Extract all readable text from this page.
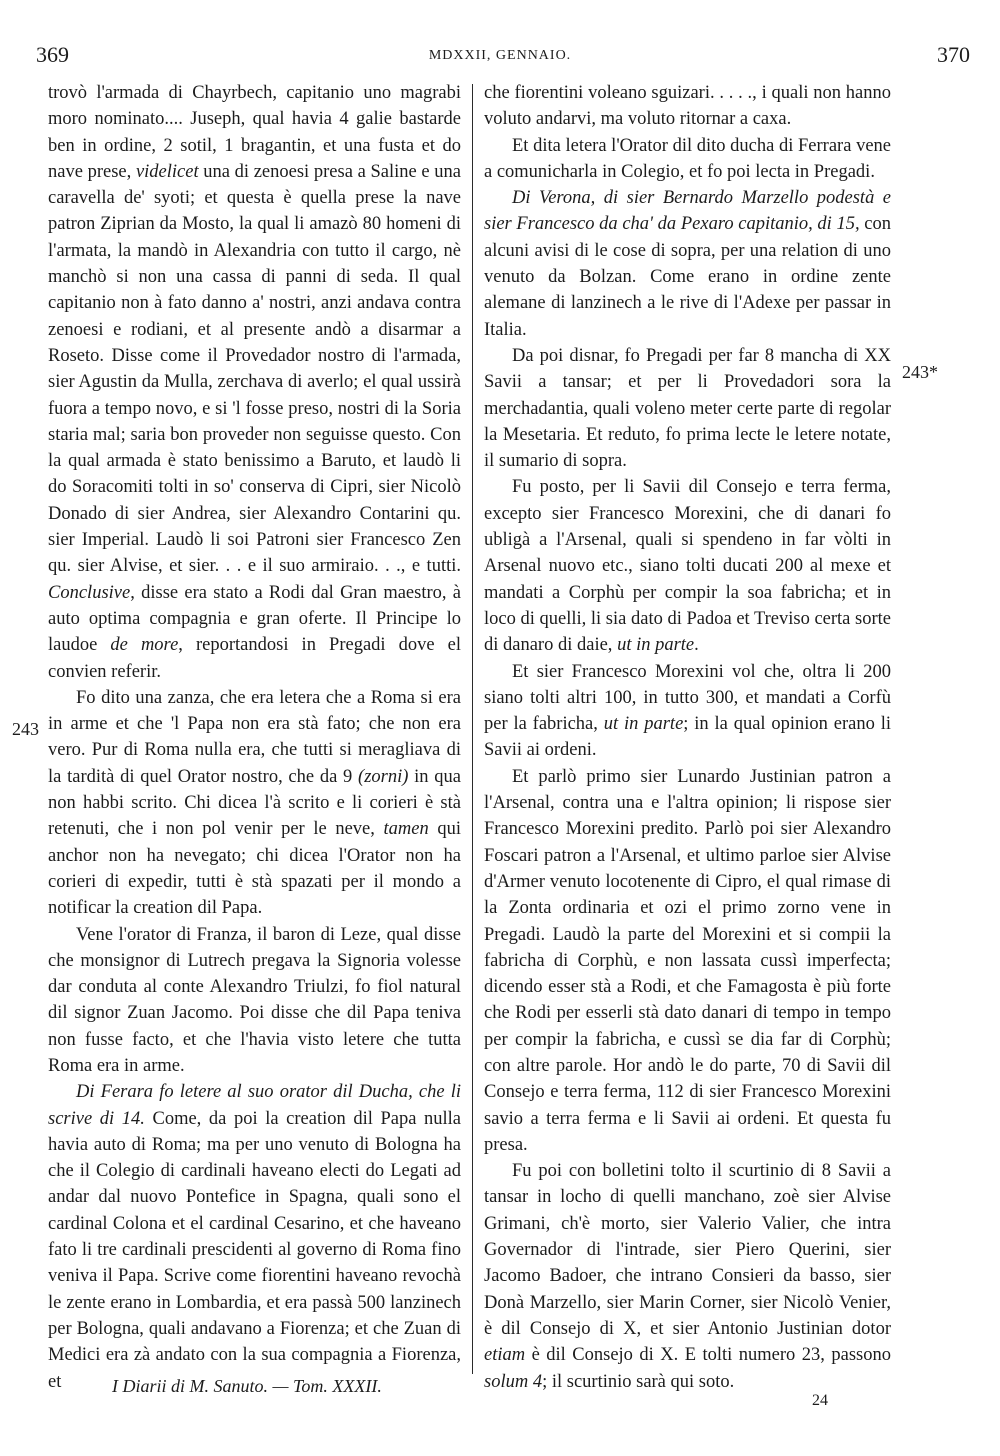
369	MDXXII, GENNAIO.	370
243
243*

trovò l'armada di Chayrbech, capitanio uno magrabi moro nominato.... Juseph, qual havia 4 galie bastarde ben in ordine, 2 sotil, 1 bragantin, et una fusta et do nave prese, videlicet una di zenoesi presa a Saline e una caravella de' syoti; et questa è quella prese la nave patron Ziprian da Mosto, la qual li amazò 80 homeni di l'armata, la mandò in Alexandria con tutto il cargo, nè manchò si non una cassa di panni di seda. Il qual capitanio non à fato danno a' nostri, anzi andava contra zenoesi e rodiani, et al presente andò a disarmar a Roseto. Disse come il Provedador nostro di l'armada, sier Agustin da Mulla, zerchava di averlo; el qual ussirà fuora a tempo novo, e si 'l fosse preso, nostri di la Soria staria mal; saria bon proveder non seguisse questo. Con la qual armada è stato benissimo a Baruto, et laudò li do Soracomiti tolti in so' conserva di Cipri, sier Nicolò Donado di sier Andrea, sier Alexandro Contarini qu. sier Imperial. Laudò li soi Patroni sier Francesco Zen qu. sier Alvise, et sier. . . e il suo armiraio. . ., e tutti. Conclusive, disse era stato a Rodi dal Gran maestro, à auto optima compagnia e gran oferte. Il Principe lo laudoe de more, reportandosi in Pregadi dove el convien referir.

Fo dito una zanza, che era letera che a Roma si era in arme et che 'l Papa non era stà fato; che non era vero. Pur di Roma nulla era, che tutti si meragliava di la tardità di quel Orator nostro, che da 9 (zorni) in qua non habbi scrito. Chi dicea l'à scrito e li corieri è stà retenuti, che i non pol venir per le neve, tamen qui anchor non ha nevegato; chi dicea l'Orator non ha corieri di expedir, tutti è stà spazati per il mondo a notificar la creation dil Papa.

Vene l'orator di Franza, il baron di Leze, qual disse che monsignor di Lutrech pregava la Signoria volesse dar conduta al conte Alexandro Triulzi, fo fiol natural dil signor Zuan Jacomo. Poi disse che dil Papa teniva non fusse facto, et che l'havia visto letere che tutta Roma era in arme.

Di Ferara fo letere al suo orator dil Ducha, che li scrive di 14. Come, da poi la creation dil Papa nulla havia auto di Roma; ma per uno venuto di Bologna ha che il Colegio di cardinali haveano electi do Legati ad andar dal nuovo Pontefice in Spagna, quali sono el cardinal Colona et el cardinal Cesarino, et che haveano fato li tre cardinali prescidenti al governo di Roma fino veniva il Papa. Scrive come fiorentini haveano revochà le zente erano in Lombardia, et era passà 500 lanzinech per Bologna, quali andavano a Fiorenza; et che Zuan di Medici era zà andato con la sua compagnia a Fiorenza, et

che fiorentini voleano sguizari. . . . ., i quali non hanno voluto andarvi, ma voluto ritornar a caxa.

Et dita letera l'Orator dil dito ducha di Ferrara vene a comunicharla in Colegio, et fo poi lecta in Pregadi.

Di Verona, di sier Bernardo Marzello podestà e sier Francesco da cha' da Pexaro capitanio, di 15, con alcuni avisi di le cose di sopra, per una relation di uno venuto da Bolzan. Come erano in ordine zente alemane di lanzinech a le rive di l'Adexe per passar in Italia.

Da poi disnar, fo Pregadi per far 8 mancha di XX Savii a tansar; et per li Provedadori sora la merchadantia, quali voleno meter certe parte di regolar la Mesetaria. Et reduto, fo prima lecte le letere notate, il sumario di sopra.

Fu posto, per li Savii dil Consejo e terra ferma, excepto sier Francesco Morexini, che di danari fo ubligà a l'Arsenal, quali si spendeno in far vòlti in Arsenal nuovo etc., siano tolti ducati 200 al mexe et mandati a Corphù per compir la soa fabricha; et in loco di quelli, li sia dato di Padoa et Treviso certa sorte di danaro di daie, ut in parte.

Et sier Francesco Morexini vol che, oltra li 200 siano tolti altri 100, in tutto 300, et mandati a Corfù per la fabricha, ut in parte; in la qual opinion erano li Savii ai ordeni.

Et parlò primo sier Lunardo Justinian patron a l'Arsenal, contra una e l'altra opinion; li rispose sier Francesco Morexini predito. Parlò poi sier Alexandro Foscari patron a l'Arsenal, et ultimo parloe sier Alvise d'Armer venuto locotenente di Cipro, el qual rimase di la Zonta ordinaria et ozi el primo zorno vene in Pregadi. Laudò la parte del Morexini et si compii la fabricha di Corphù, e non lassata cussì imperfecta; dicendo esser stà a Rodi, et che Famagosta è più forte che Rodi per esserli stà dato danari di tempo in tempo per compir la fabricha, e cussì se dia far di Corphù; con altre parole. Hor andò le do parte, 70 di Savii dil Consejo e terra ferma, 112 di sier Francesco Morexini savio a terra ferma e li Savii ai ordeni. Et questa fu presa.

Fu poi con bolletini tolto il scurtinio di 8 Savii a tansar in locho di quelli manchano, zoè sier Alvise Grimani, ch'è morto, sier Valerio Valier, che intra Governador di l'intrade, sier Piero Querini, sier Jacomo Badoer, che intrano Consieri da basso, sier Donà Marzello, sier Marin Corner, sier Nicolò Venier, è dil Consejo di X, et sier Antonio Justinian dotor etiam è dil Consejo di X. E tolti numero 23, passono solum 4; il scurtinio sarà qui soto.

I Diarii di M. Sanuto. — Tom. XXXII.
24
